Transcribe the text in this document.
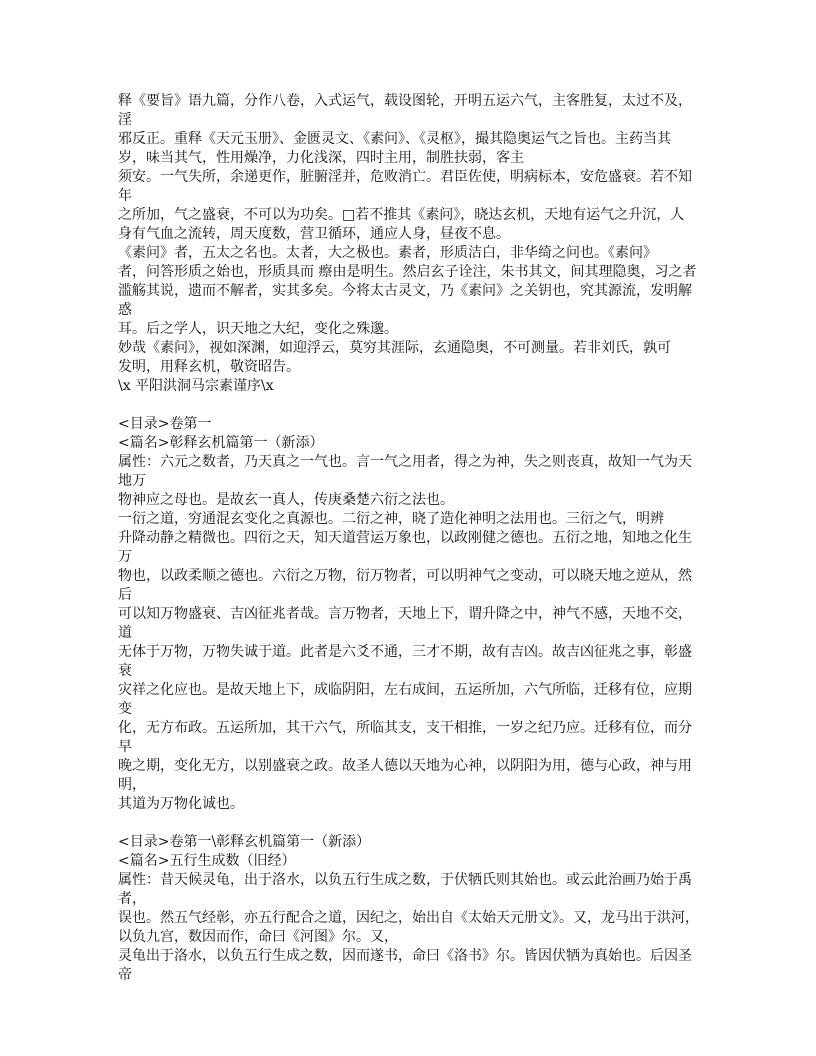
释《要旨》语九篇，分作八卷，入式运气，载设图轮，开明五运六气，主客胜复，太过不及，
淫
邪反正。重释《天元玉册》、金匮灵文、《素问》、《灵枢》，撮其隐奥运气之旨也。主药当其
岁，味当其气，性用燥净，力化浅深，四时主用，制胜扶弱，客主
须安。一气失所，余递更作，脏腑淫并，危败消亡。君臣佐使，明病标本，安危盛衰。若不知
年
之所加，气之盛衰，不可以为功矣。□若不推其《素问》，晓达玄机，天地有运气之升沉，人
身有气血之流转，周天度数，营卫循环，通应人身，昼夜不息。
《素问》者，五太之名也。太者，大之极也。素者，形质洁白，非华绮之问也。《素问》
者，问答形质之始也，形质具而 瘵由是明生。然启玄子诠注，朱书其文，间其理隐奥，习之者
滥觞其说，遗而不解者，实其多矣。今将太古灵文，乃《素问》之关钥也，究其源流，发明解
惑
耳。后之学人，识天地之大纪，变化之殊邈。
妙哉《素问》，视如深渊，如迎浮云，莫穷其涯际，玄通隐奥，不可测量。若非刘氏，孰可
发明，用释玄机，敬资昭告。
\x 平阳洪洞马宗素谨序\x
<目录>卷第一
<篇名>彰释玄机篇第一（新添）
属性：六元之数者，乃天真之一气也。言一气之用者，得之为神，失之则丧真，故知一气为天
地万
物神应之母也。是故玄一真人，传庚桑楚六衍之法也。
一衍之道，穷通混玄变化之真源也。二衍之神，晓了造化神明之法用也。三衍之气，明辨
升降动静之精微也。四衍之天，知天道营运万象也，以政刚健之德也。五衍之地，知地之化生
万
物也，以政柔顺之德也。六衍之万物，衍万物者，可以明神气之变动，可以晓天地之逆从，然
后
可以知万物盛衰、吉凶征兆者哉。言万物者，天地上下，谓升降之中，神气不感，天地不交，
道
无体于万物，万物失诚于道。此者是六爻不通，三才不期，故有吉凶。故吉凶征兆之事，彰盛
衰
灾祥之化应也。是故天地上下，成临阴阳，左右成间，五运所加，六气所临，迁移有位，应期
变
化，无方布政。五运所加，其干六气，所临其支，支干相推，一岁之纪乃应。迁移有位，而分
早
晚之期，变化无方，以别盛衰之政。故圣人德以天地为心神，以阴阳为用，德与心政，神与用
明，
其道为万物化诚也。
<目录>卷第一\彰释玄机篇第一（新添）
<篇名>五行生成数（旧经）
属性：昔天候灵龟，出于洛水，以负五行生成之数，于伏牺氏则其始也。或云此治画乃始于禹
者，
误也。然五气经彰，亦五行配合之道，因纪之，始出自《太始天元册文》。又，龙马出于洪河，
以负九宫，数因而作，命曰《河图》尔。又，
灵龟出于洛水，以负五行生成之数，因而遂书，命曰《洛书》尔。皆因伏牺为真始也。后因圣
帝
